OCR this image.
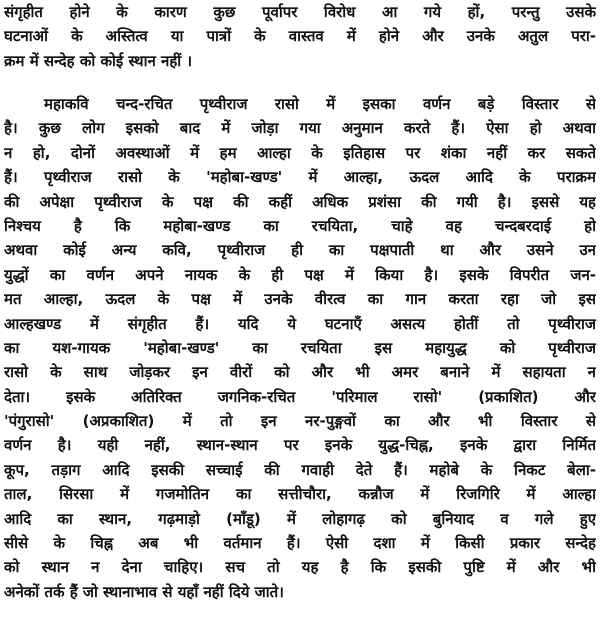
संगृहीत होने के कारण कुछ पूर्वापर विरोध आ गये हों, परन्तु उसके
घटनाओं के अस्तित्व या पात्रों के वास्तव में होने और उनके अतुल परा-
क्रम में सन्देह को कोई स्थान नहीं ।
महाकवि चन्द-रचित पृथ्वीराज रासो में इसका वर्णन बड़े विस्तार से
है। कुछ लोग इसको बाद में जोड़ा गया अनुमान करते हैं। ऐसा हो अथवा
न हो, दोनों अवस्थाओं में हम आल्हा के इतिहास पर शंका नहीं कर सकते
हैं। पृथ्वीराज रासो के 'महोबा-खण्ड' में आल्हा, ऊदल आदि के पराक्रम
की अपेक्षा पृथ्वीराज के पक्ष की कहीं अधिक प्रशंसा की गयी है। इससे यह
निश्चय है कि महोबा-खण्ड का रचयिता, चाहे वह चन्दबरदाई हो
अथवा कोई अन्य कवि, पृथ्वीराज ही का पक्षपाती था और उसने उन
युद्धों का वर्णन अपने नायक के ही पक्ष में किया है। इसके विपरीत जन-
मत आल्हा, ऊदल के पक्ष में उनके वीरत्व का गान करता रहा जो इस
आल्हखण्ड में संगृहीत हैं। यदि ये घटनाएँ असत्य होतीं तो पृथ्वीराज
का यश-गायक 'महोबा-खण्ड' का रचयिता इस महायुद्ध को पृथ्वीराज
रासो के साथ जोड़कर इन वीरों को और भी अमर बनाने में सहायता न
देता। इसके अतिरिक्त जगनिक-रचित 'परिमाल रासो' (प्रकाशित) और
'पंगुरासो' (अप्रकाशित) में तो इन नर-पुङ्गवों का और भी विस्तार से
वर्णन है। यही नहीं, स्थान-स्थान पर इनके युद्ध-चिह्न, इनके द्वारा निर्मित
कूप, तड़ाग आदि इसकी सच्चाई की गवाही देते हैं। महोबे के निकट बेला-
ताल, सिरसा में गजमोतिन का सत्तीचौरा, कन्नौज में रिजगिरि में आल्हा
आदि का स्थान, गढ़माड़ो (माँडू) में लोहागढ़ को बुनियाद व गले हुए
सीसे के चिह्न अब भी वर्तमान हैं। ऐसी दशा में किसी प्रकार सन्देह
को स्थान न देना चाहिए। सच तो यह है कि इसकी पुष्टि में और भी
अनेकों तर्क हैं जो स्थानाभाव से यहाँ नहीं दिये जाते।
